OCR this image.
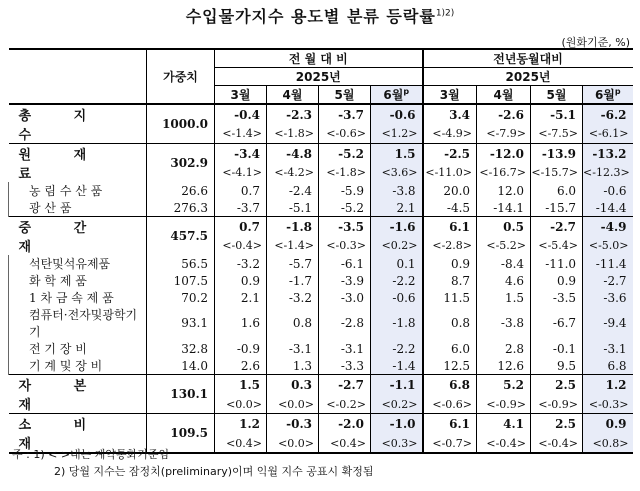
수입물가지수 용도별 분류 등락률$^{1)2)}$
(원화기준, %)
	가중치	전 월 대 비				전년동월대비			
		2025년				2025년			
		3월	4월	5월	6월$^p$	3월	4월	5월	6월$^p$
총 지 수	1000.0	-0.4	-2.3	-3.7	-0.6	3.4	-2.6	-5.1	-6.2
		<-1.4>	<-1.8>	<-0.6>	<1.2>	<-4.9>	<-7.9>	<-7.5>	<-6.1>
원 재 료	302.9	-3.4	-4.8	-5.2	1.5	-2.5	-12.0	-13.9	-13.2
		<-4.1>	<-4.2>	<-1.8>	<3.6>	<-11.0>	<-16.7>	<-15.7>	<-12.3>
농 림 수 산 품	26.6	0.7	-2.4	-5.9	-3.8	20.0	12.0	6.0	-0.6
광 산 품	276.3	-3.7	-5.1	-5.2	2.1	-4.5	-14.1	-15.7	-14.4
중 간 재	457.5	0.7	-1.8	-3.5	-1.6	6.1	0.5	-2.7	-4.9
		<-0.4>	<-1.4>	<-0.3>	<0.2>	<-2.8>	<-5.2>	<-5.4>	<-5.0>
석탄및석유제품	56.5	-3.2	-5.7	-6.1	0.1	0.9	-8.4	-11.0	-11.4
화 학 제 품	107.5	0.9	-1.7	-3.9	-2.2	8.7	4.6	0.9	-2.7
1 차 금 속 제 품	70.2	2.1	-3.2	-3.0	-0.6	11.5	1.5	-3.5	-3.6
컴퓨터·전자및광학기기	93.1	1.6	0.8	-2.8	-1.8	0.8	-3.8	-6.7	-9.4
전 기 장 비	32.8	-0.9	-3.1	-3.1	-2.2	6.0	2.8	-0.1	-3.1
기 계 및 장 비	14.0	2.6	1.3	-3.3	-1.4	12.5	12.6	9.5	6.8
자 본 재	130.1	1.5	0.3	-2.7	-1.1	6.8	5.2	2.5	1.2
		<0.0>	<0.0>	<-0.2>	<0.2>	<-0.6>	<-0.9>	<-0.9>	<-0.3>
소 비 재	109.5	1.2	-0.3	-2.0	-1.0	6.1	4.1	2.5	0.9
		<0.4>	<0.0>	<0.4>	<0.3>	<-0.7>	<-0.4>	<-0.4>	<0.8>
주 : 1) < >내는 계약통화기준임
2) 당월 지수는 잠정치(preliminary)이며 익월 지수 공표시 확정됨
